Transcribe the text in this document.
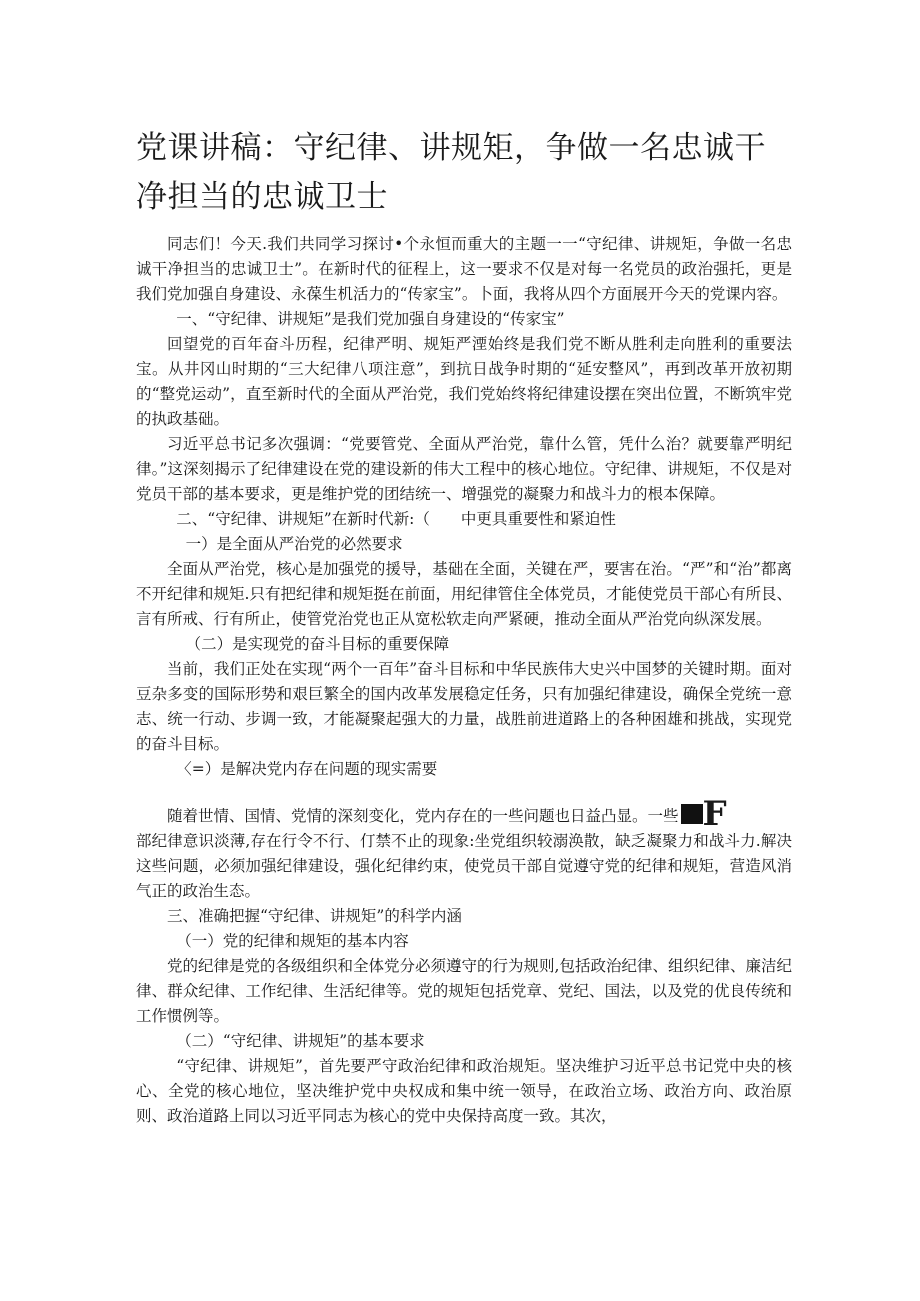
党课讲稿：守纪律、讲规矩，争做一名忠诚干净担当的忠诚卫士

同志们！今天.我们共同学习探讨•个永恒而重大的主题一一“守纪律、讲规矩，争做一名忠诚干净担当的忠诚卫士”。在新时代的征程上，这一要求不仅是对每一名党员的政治强托，更是我们党加强自身建设、永葆生机活力的“传家宝”。卜面，我将从四个方面展开今天的党课内容。

一、“守纪律、讲规矩”是我们党加强自身建设的“传家宝”

回望党的百年奋斗历程，纪律严明、规矩严湮始终是我们党不断从胜利走向胜利的重要法宝。从井冈山时期的“三大纪律八项注意”，到抗日战争时期的“延安整风”，再到改革开放初期的“整党运动”，直至新时代的全面从严治党，我们党始终将纪律建设摆在突出位置，不断筑牢党的执政基础。

习近平总书记多次强调：“党要管党、全面从严治党，靠什么管，凭什么治？就要靠严明纪律。”这深刻揭示了纪律建设在党的建设新的伟大工程中的核心地位。守纪律、讲规矩，不仅是对党员干部的基本要求，更是维护党的团结统一、增强党的凝聚力和战斗力的根本保障。

二、“守纪律、讲规矩”在新时代新:（　　中更具重要性和紧迫性

一）是全面从严治党的必然要求

全面从严治党，核心是加强党的援导，基础在全面，关键在严，要害在治。“严”和“治”都离不开纪律和规矩.只有把纪律和规矩挺在前面，用纪律管住全体党员，才能使党员干部心有所艮、言有所戒、行有所止，使管党治党也正从宽松软走向严紧硬，推动全面从严治党向纵深发展。

（二）是实现党的奋斗目标的重要保障

当前，我们正处在实现“两个一百年”奋斗目标和中华民族伟大史兴中国梦的关键时期。面对豆杂多变的国际形势和艰巨繁全的国内改革发展稳定任务，只有加强纪律建设，确保全党统一意志、统一行动、步调一致，才能凝聚起强大的力量，战胜前进道路上的各种困雄和挑战，实现党的奋斗目标。

〈=）是解决党内存在问题的现实需要

随着世情、国情、党情的深刻变化，党内存在的一些问题也日益凸显。一些 F

部纪律意识淡薄,存在行令不行、仃禁不止的现象:坐党组织较溺涣散，缺乏凝聚力和战斗力.解决这些问题，必须加强纪律建设，强化纪律约束，使党员干部自觉遵守党的纪律和规矩，营造风消气正的政治生态。

三、准确把握“守纪律、讲规矩”的科学内涵

（一）党的纪律和规矩的基本内容

党的纪律是党的各级组织和全体党分必须遵守的行为规则,包括政治纪律、组织纪律、廉洁纪律、群众纪律、工作纪律、生活纪律等。党的规矩包括党章、党纪、国法，以及党的优良传统和工作惯例等。

（二）“守纪律、讲规矩”的基本要求

“守纪律、讲规矩”，首先要严守政治纪律和政治规矩。坚决维护习近平总书记党中央的核心、全党的核心地位，坚决维护党中央权成和集中统一领导，在政治立场、政治方向、政治原则、政治道路上同以习近平同志为核心的党中央保持高度一致。其次，
